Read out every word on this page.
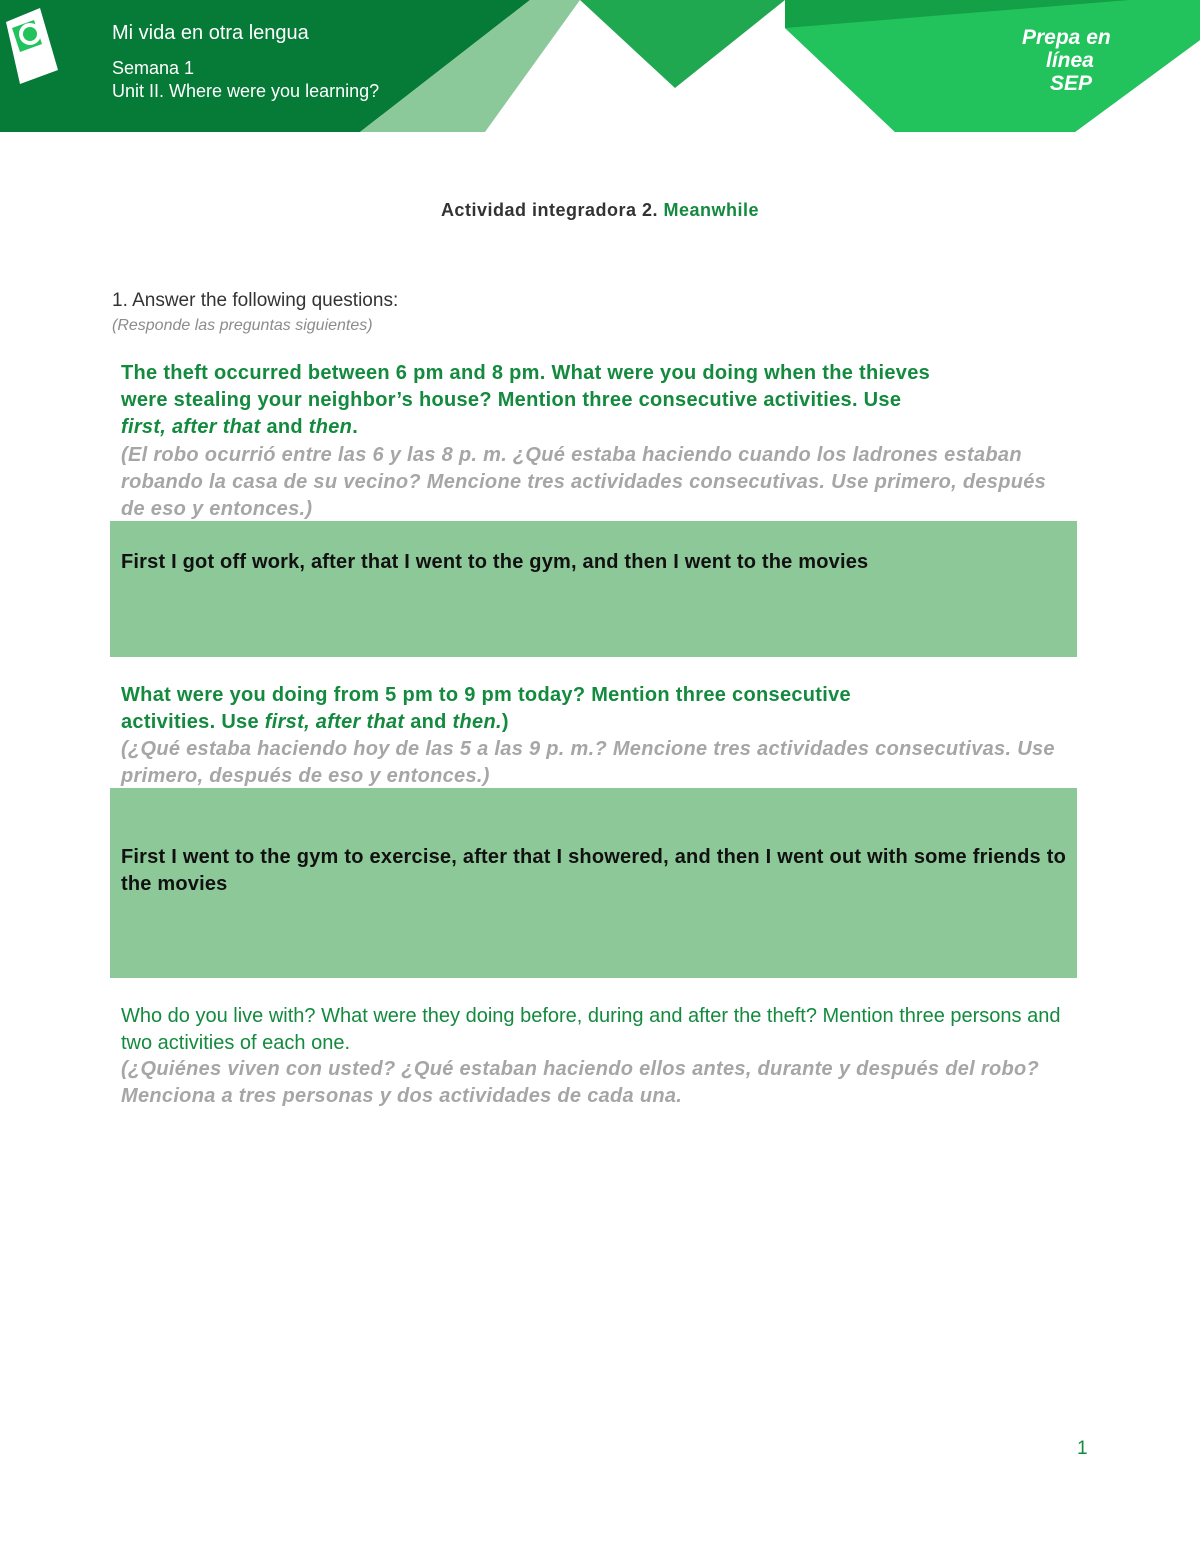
Mi vida en otra lengua
Semana 1
Unit II. Where were you learning?
Prepa en
línea
SEP
Actividad integradora 2. Meanwhile
1. Answer the following questions:
(Responde las preguntas siguientes)
The theft occurred between 6 pm and 8 pm. What were you doing when the thieves
were stealing your neighbor’s house? Mention three consecutive activities. Use
first, after that and then.
(El robo ocurrió entre las 6 y las 8 p. m. ¿Qué estaba haciendo cuando los ladrones estaban robando la casa de su vecino? Mencione tres actividades consecutivas. Use primero, después de eso y entonces.)
First I got off work, after that I went to the gym, and then I went to the movies
What were you doing from 5 pm to 9 pm today? Mention three consecutive
activities. Use first, after that and then.)
(¿Qué estaba haciendo hoy de las 5 a las 9 p. m.? Mencione tres actividades consecutivas. Use primero, después de eso y entonces.)
First I went to the gym to exercise, after that I showered, and then I went out with some friends to the movies
Who do you live with? What were they doing before, during and after the theft? Mention three persons and two activities of each one.
(¿Quiénes viven con usted? ¿Qué estaban haciendo ellos antes, durante y después del robo? Menciona a tres personas y dos actividades de cada una.
1
